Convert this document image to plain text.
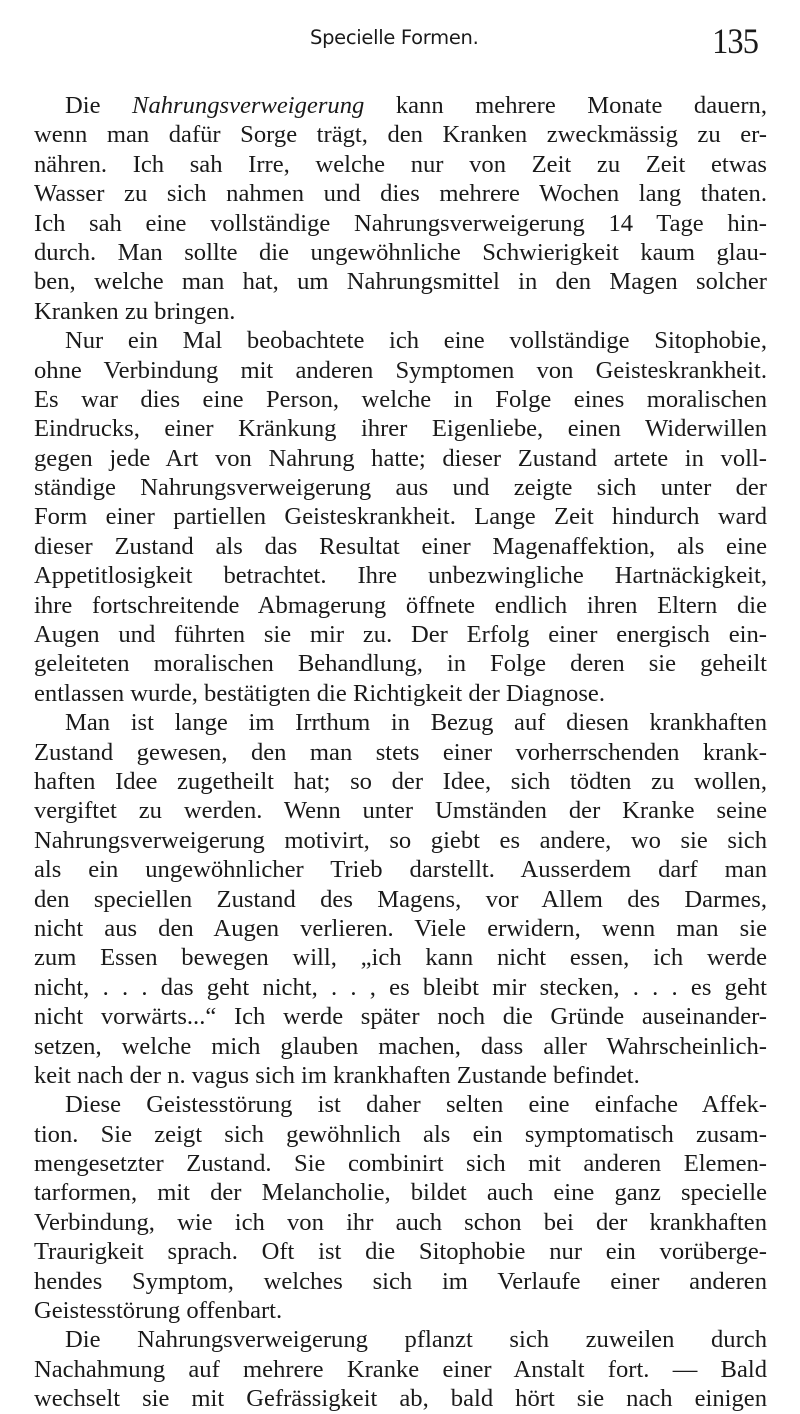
Specielle Formen.	135
Die Nahrungsverweigerung kann mehrere Monate dauern,
wenn man dafür Sorge trägt, den Kranken zweckmässig zu er-
nähren. Ich sah Irre, welche nur von Zeit zu Zeit etwas
Wasser zu sich nahmen und dies mehrere Wochen lang thaten.
Ich sah eine vollständige Nahrungsverweigerung 14 Tage hin-
durch. Man sollte die ungewöhnliche Schwierigkeit kaum glau-
ben, welche man hat, um Nahrungsmittel in den Magen solcher
Kranken zu bringen.
Nur ein Mal beobachtete ich eine vollständige Sitophobie,
ohne Verbindung mit anderen Symptomen von Geisteskrankheit.
Es war dies eine Person, welche in Folge eines moralischen
Eindrucks, einer Kränkung ihrer Eigenliebe, einen Widerwillen
gegen jede Art von Nahrung hatte; dieser Zustand artete in voll-
ständige Nahrungsverweigerung aus und zeigte sich unter der
Form einer partiellen Geisteskrankheit. Lange Zeit hindurch ward
dieser Zustand als das Resultat einer Magenaffektion, als eine
Appetitlosigkeit betrachtet. Ihre unbezwingliche Hartnäckigkeit,
ihre fortschreitende Abmagerung öffnete endlich ihren Eltern die
Augen und führten sie mir zu. Der Erfolg einer energisch ein-
geleiteten moralischen Behandlung, in Folge deren sie geheilt
entlassen wurde, bestätigten die Richtigkeit der Diagnose.
Man ist lange im Irrthum in Bezug auf diesen krankhaften
Zustand gewesen, den man stets einer vorherrschenden krank-
haften Idee zugetheilt hat; so der Idee, sich tödten zu wollen,
vergiftet zu werden. Wenn unter Umständen der Kranke seine
Nahrungsverweigerung motivirt, so giebt es andere, wo sie sich
als ein ungewöhnlicher Trieb darstellt. Ausserdem darf man
den speciellen Zustand des Magens, vor Allem des Darmes,
nicht aus den Augen verlieren. Viele erwidern, wenn man sie
zum Essen bewegen will, „ich kann nicht essen, ich werde
nicht, . . . das geht nicht, . . , es bleibt mir stecken, . . . es geht
nicht vorwärts...“ Ich werde später noch die Gründe auseinander-
setzen, welche mich glauben machen, dass aller Wahrscheinlich-
keit nach der n. vagus sich im krankhaften Zustande befindet.
Diese Geistesstörung ist daher selten eine einfache Affek-
tion. Sie zeigt sich gewöhnlich als ein symptomatisch zusam-
mengesetzter Zustand. Sie combinirt sich mit anderen Elemen-
tarformen, mit der Melancholie, bildet auch eine ganz specielle
Verbindung, wie ich von ihr auch schon bei der krankhaften
Traurigkeit sprach. Oft ist die Sitophobie nur ein vorüberge-
hendes Symptom, welches sich im Verlaufe einer anderen
Geistesstörung offenbart.
Die Nahrungsverweigerung pflanzt sich zuweilen durch
Nachahmung auf mehrere Kranke einer Anstalt fort. — Bald
wechselt sie mit Gefrässigkeit ab, bald hört sie nach einigen
